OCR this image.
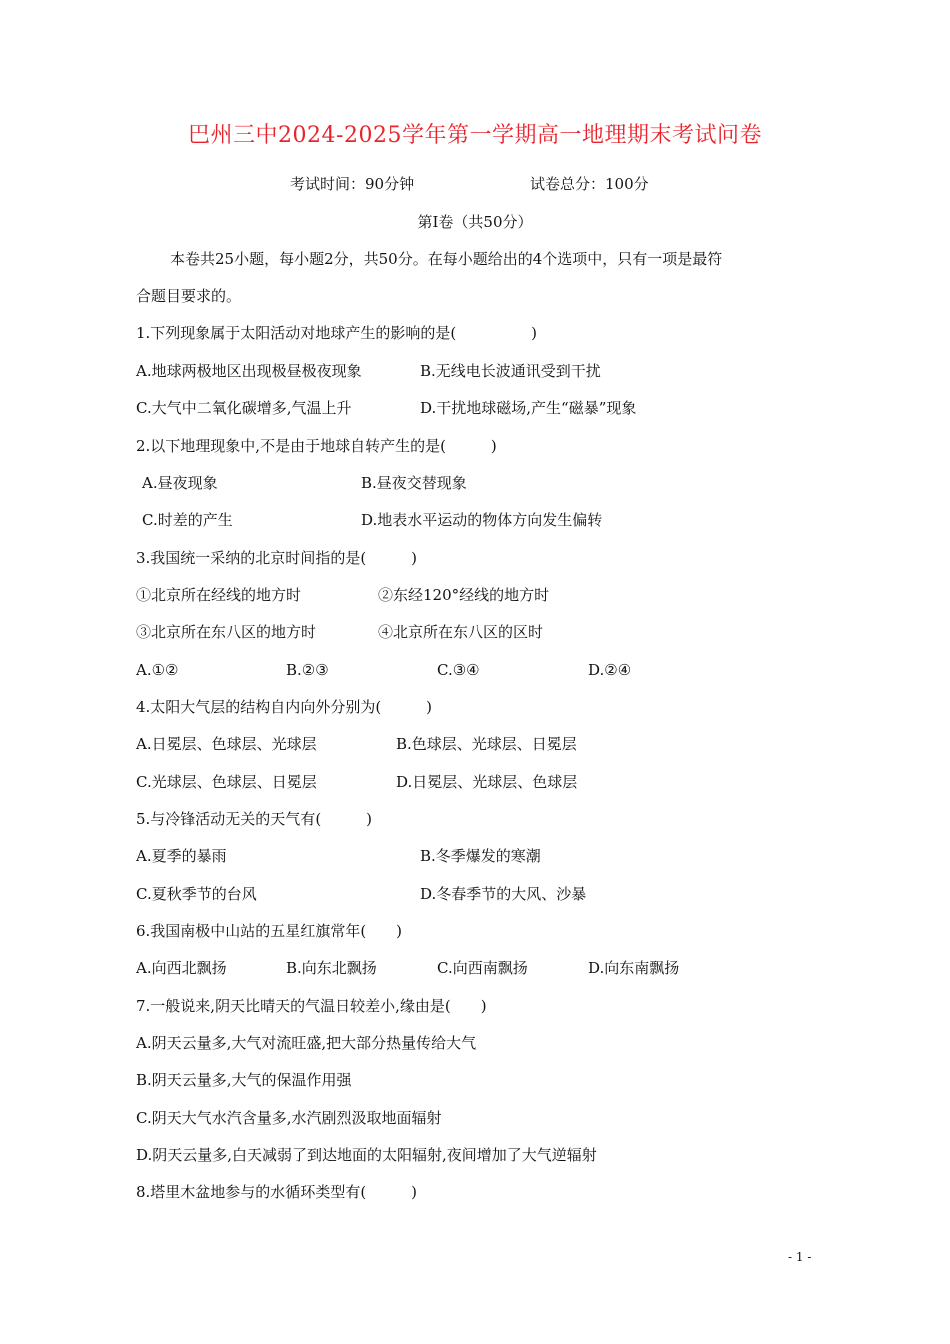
巴州三中2024-2025学年第一学期高一地理期末考试问卷
考试时间：90分钟	试卷总分：100分
第Ⅰ卷（共50分）
本卷共25小题，每小题2分，共50分。在每小题给出的4个选项中，只有一项是最符
合题目要求的。
1.下列现象属于太阳活动对地球产生的影响的是(　　　　　)
A.地球两极地区出现极昼极夜现象	B.无线电长波通讯受到干扰
C.大气中二氧化碳增多,气温上升	D.干扰地球磁场,产生“磁暴”现象
2.以下地理现象中,不是由于地球自转产生的是(　　　)
A.昼夜现象	B.昼夜交替现象
C.时差的产生	D.地表水平运动的物体方向发生偏转
3.我国统一采纳的北京时间指的是(　　　)
①北京所在经线的地方时	②东经120°经线的地方时
③北京所在东八区的地方时	④北京所在东八区的区时
A.①②	B.②③	C.③④	D.②④
4.太阳大气层的结构自内向外分别为(　　　)
A.日冕层、色球层、光球层	B.色球层、光球层、日冕层
C.光球层、色球层、日冕层	D.日冕层、光球层、色球层
5.与冷锋活动无关的天气有(　　　)
A.夏季的暴雨	B.冬季爆发的寒潮
C.夏秋季节的台风	D.冬春季节的大风、沙暴
6.我国南极中山站的五星红旗常年(　　)
A.向西北飘扬	B.向东北飘扬	C.向西南飘扬	D.向东南飘扬
7.一般说来,阴天比晴天的气温日较差小,缘由是(　　)
A.阴天云量多,大气对流旺盛,把大部分热量传给大气
B.阴天云量多,大气的保温作用强
C.阴天大气水汽含量多,水汽剧烈汲取地面辐射
D.阴天云量多,白天减弱了到达地面的太阳辐射,夜间增加了大气逆辐射
8.塔里木盆地参与的水循环类型有(　　　)
- 1 -
